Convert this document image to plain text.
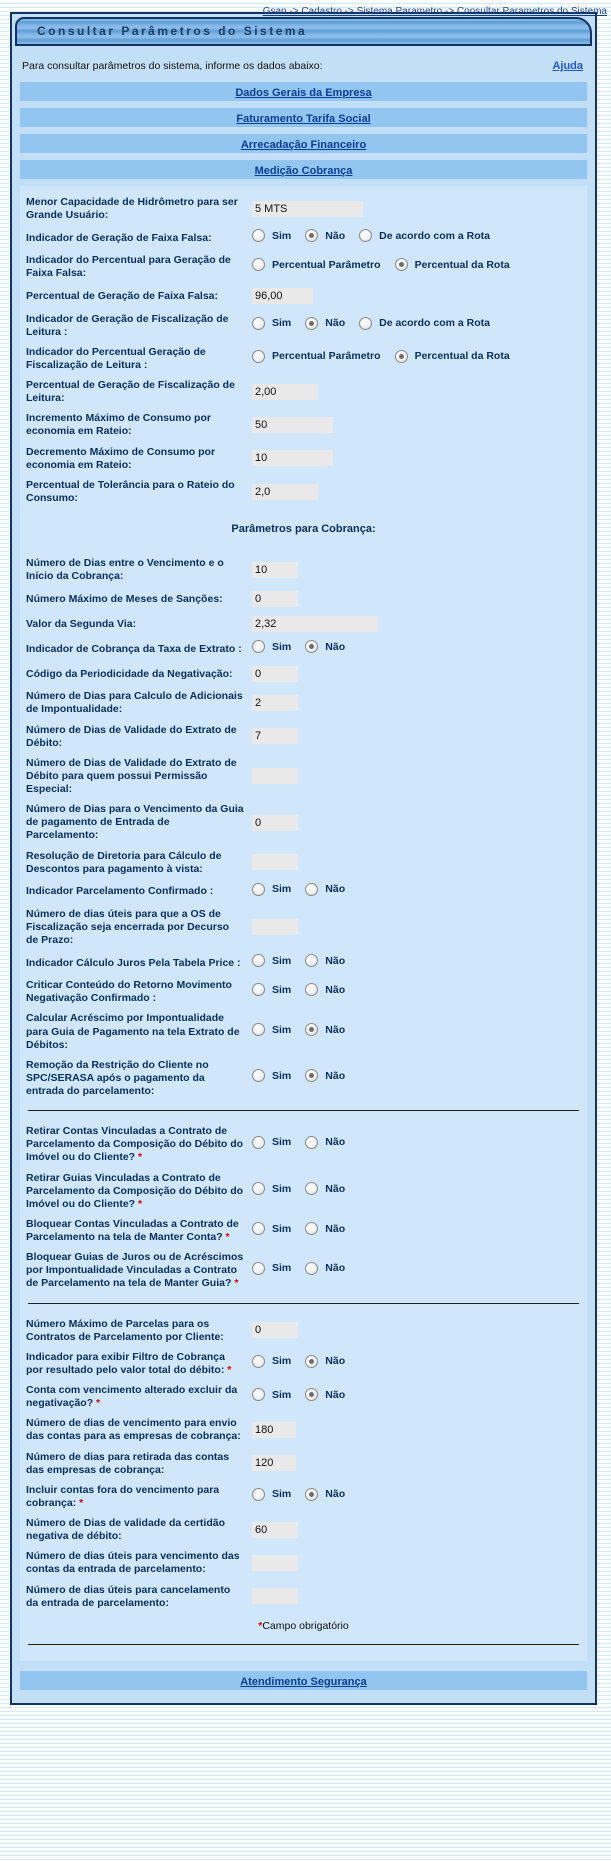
Gsan -> Cadastro -> Sistema Parametro -> Consultar Parametros do Sistema
Consultar Parâmetros do Sistema
Para consultar parâmetros do sistema, informe os dados abaixo:	Ajuda
Dados Gerais da Empresa
Faturamento Tarifa Social
Arrecadação Financeiro
Medição Cobrança
Menor Capacidade de Hidrômetro para ser Grande Usuário:
5 MTS
Indicador de Geração de Faixa Falsa:	Sim	Não	De acordo com a Rota
Indicador do Percentual para Geração de Faixa Falsa:
Percentual Parâmetro	Percentual da Rota
Percentual de Geração de Faixa Falsa:	96,00
Indicador de Geração de Fiscalização de Leitura :
Sim	Não	De acordo com a Rota
Indicador do Percentual Geração de Fiscalização de Leitura :
Percentual Parâmetro	Percentual da Rota
Percentual de Geração de Fiscalização de Leitura:
2,00
Incremento Máximo de Consumo por economia em Rateio:
50
Decremento Máximo de Consumo por economia em Rateio:
10
Percentual de Tolerância para o Rateio do Consumo:
2,0
Parâmetros para Cobrança:
Número de Dias entre o Vencimento e o Início da Cobrança:
10
Número Máximo de Meses de Sanções:	0
Valor da Segunda Via:	2,32
Indicador de Cobrança da Taxa de Extrato :	Sim	Não
Código da Periodicidade da Negativação:	0
Número de Dias para Calculo de Adicionais de Impontualidade:
2
Número de Dias de Validade do Extrato de Débito:
7
Número de Dias de Validade do Extrato de Débito para quem possui Permissão Especial:

Número de Dias para o Vencimento da Guia de pagamento de Entrada de Parcelamento:
0
Resolução de Diretoria para Cálculo de Descontos para pagamento à vista:

Indicador Parcelamento Confirmado :	Sim	Não
Número de dias úteis para que a OS de Fiscalização seja encerrada por Decurso de Prazo:

Indicador Cálculo Juros Pela Tabela Price :	Sim	Não
Criticar Conteúdo do Retorno Movimento Negativação Confirmado :
Sim	Não
Calcular Acréscimo por Impontualidade para Guia de Pagamento na tela Extrato de Débitos:
Sim	Não
Remoção da Restrição do Cliente no SPC/SERASA após o pagamento da entrada do parcelamento:
Sim	Não
Retirar Contas Vinculadas a Contrato de Parcelamento da Composição do Débito do Imóvel ou do Cliente? *
Sim	Não
Retirar Guias Vinculadas a Contrato de Parcelamento da Composição do Débito do Imóvel ou do Cliente? *
Sim	Não
Bloquear Contas Vinculadas a Contrato de Parcelamento na tela de Manter Conta? *
Sim	Não
Bloquear Guias de Juros ou de Acréscimos por Impontualidade Vinculadas a Contrato de Parcelamento na tela de Manter Guia? *
Sim	Não
Número Máximo de Parcelas para os Contratos de Parcelamento por Cliente:
0
Indicador para exibir Filtro de Cobrança por resultado pelo valor total do débito: *
Sim	Não
Conta com vencimento alterado excluir da negativação? *
Sim	Não
Número de dias de vencimento para envio das contas para as empresas de cobrança:
180
Número de dias para retirada das contas das empresas de cobrança:
120
Incluir contas fora do vencimento para cobrança: *
Sim	Não
Número de Dias de validade da certidão negativa de débito:
60
Número de dias úteis para vencimento das contas da entrada de parcelamento:

Número de dias úteis para cancelamento da entrada de parcelamento:

*Campo obrigatório
Atendimento Segurança
